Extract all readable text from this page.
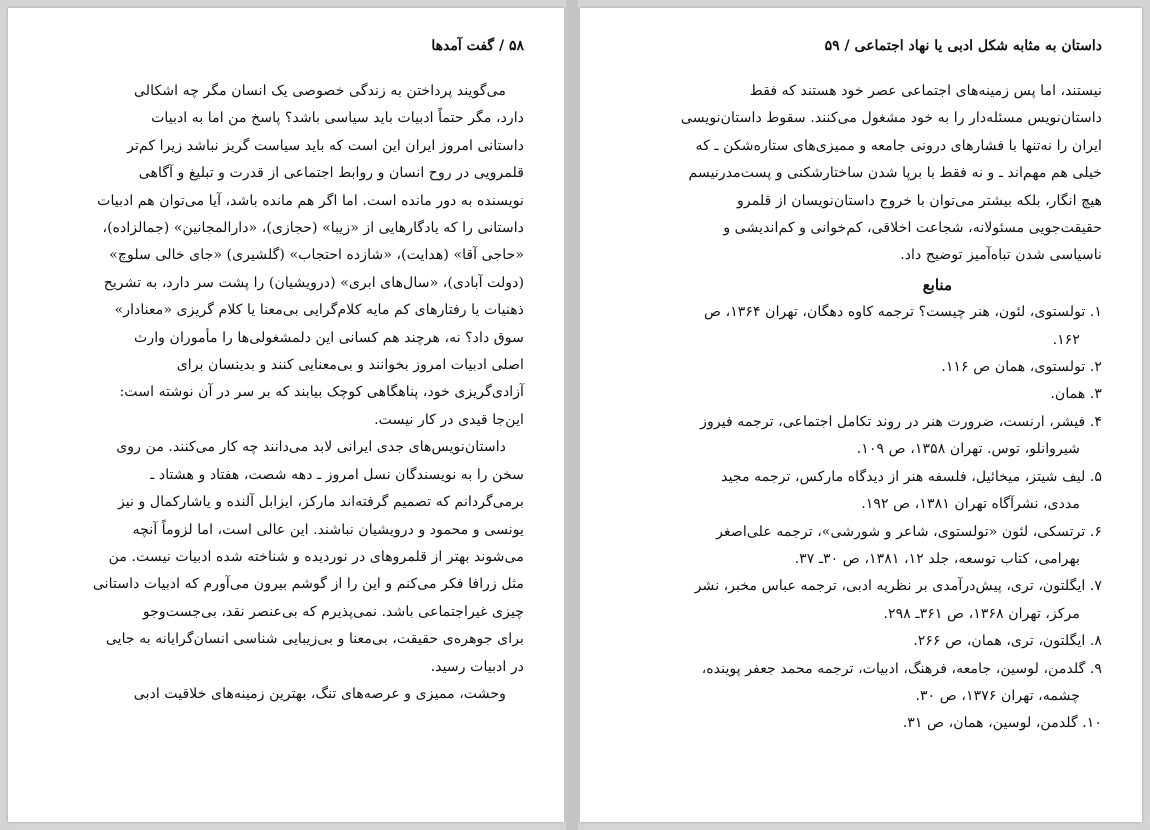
۵۸ / گفت آمدها

می‌گویند پرداختن به زندگی خصوصی یک انسان مگر چه اشکالی

دارد، مگر حتماً ادبیات باید سیاسی باشد؟ پاسخ من اما به ادبیات

داستانی امروز ایران این است که باید سیاست گریز نباشد زیرا کم‌تر

قلمرویی در روح انسان و روابط اجتماعی از قدرت و تبلیغ و آگاهی

نویسنده به دور مانده است. اما اگر هم مانده باشد، آیا می‌توان هم ادبیات

داستانی را که یادگارهایی از «زیبا» (حجازی)، «دارالمجانین» (جمالزاده)،

«حاجی آقا» (هدایت)، «شازده احتجاب» (گلشیری) «جای خالی سلوچ»

(دولت آبادی)، «سال‌های ابری» (درویشیان) را پشت سر دارد، به تشریح

ذهنیات یا رفتارهای کم مایه کلام‌گرایی بی‌معنا یا کلام گریزی «معنادار»

سوق داد؟ نه، هرچند هم کسانی این دلمشغولی‌ها را مأموران وارث

اصلی ادبیات امروز بخوانند و بی‌معنایی کنند و بدینسان برای

آزادی‌گریزی خود، پناهگاهی کوچک بیابند که بر سر در آن نوشته است:

این‌جا قیدی در کار نیست.

داستان‌نویس‌های جدی ایرانی لابد می‌دانند چه کار می‌کنند. من روی

سخن را به نویسندگان نسل امروز ـ دهه شصت، هفتاد و هشتاد ـ

برمی‌گردانم که تصمیم گرفته‌اند مارکز، ایزابل آلنده و یاشارکمال و نیز

یونسی و محمود و درویشیان نباشند. این عالی است، اما لزوماً آنچه

می‌شوند بهتر از قلمروهای در نوردیده و شناخته شده ادبیات نیست. من

مثل زرافا فکر می‌کنم و این را از گوشم بیرون می‌آورم که ادبیات داستانی

چیزی غیراجتماعی باشد. نمی‌پذیرم که بی‌عنصر نقد، بی‌جست‌وجو

برای جوهره‌ی حقیقت، بی‌معنا و بی‌زیبایی شناسی انسان‌گرایانه به جایی

در ادبیات رسید.

وحشت، ممیزی و عرصه‌های تنگ، بهترین زمینه‌های خلاقیت ادبی

داستان به مثابه شکل ادبی یا نهاد اجتماعی / ۵۹

نیستند، اما پس زمینه‌های اجتماعی عصر خود هستند که فقط

داستان‌نویس مسئله‌دار را به خود مشغول می‌کنند. سقوط داستان‌نویسی

ایران را نه‌تنها با فشارهای درونی جامعه و ممیزی‌های ستاره‌شکن ـ که

خیلی هم مهم‌اند ـ و نه فقط با برپا شدن ساختارشکنی و پست‌مدرنیسم

هیچ انگار، بلکه بیشتر می‌توان با خروج داستان‌نویسان از قلمرو

حقیقت‌جویی مسئولانه، شجاعت اخلاقی، کم‌خوانی و کم‌اندیشی و

ناسیاسی شدن تباه‌آمیز توضیح داد.

منابع
۱. تولستوی، لئون، هنر چیست؟ ترجمه کاوه دهگان، تهران ۱۳۶۴، ص
۱۶۲.
۲. تولستوی، همان ص ۱۱۶.
۳. همان.
۴. فیشر، ارنست، ضرورت هنر در روند تکامل اجتماعی، ترجمه فیروز
شیروانلو، توس. تهران ۱۳۵۸، ص ۱۰۹.
۵. لیف شیتز، میخائیل، فلسفه هنر از دیدگاه مارکس، ترجمه مجید
مددی، نشرآگاه تهران ۱۳۸۱، ص ۱۹۲.
۶. ترتسکی، لئون «تولستوی، شاعر و شورشی»، ترجمه علی‌اصغر
بهرامی، کتاب توسعه، جلد ۱۲، ۱۳۸۱، ص ۳۰ـ ۳۷.
۷. ایگلتون، تری، پیش‌درآمدی بر نظریه ادبی، ترجمه عباس مخبر، نشر
مرکز، تهران ۱۳۶۸، ص ۳۶۱ـ ۲۹۸.
۸. ایگلتون، تری، همان، ص ۲۶۶.
۹. گلدمن، لوسین، جامعه، فرهنگ، ادبیات، ترجمه محمد جعفر پوینده،
چشمه، تهران ۱۳۷۶، ص ۳۰.
۱۰. گلدمن، لوسین، همان، ص ۳۱.
